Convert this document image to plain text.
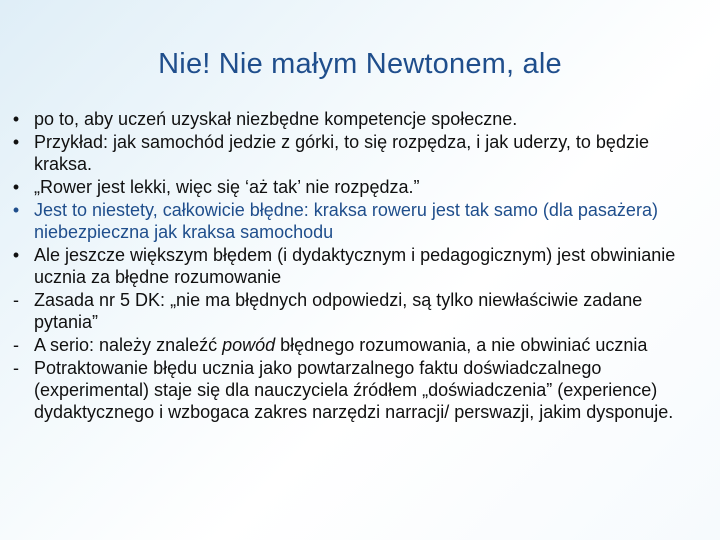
Nie! Nie małym Newtonem, ale
• po to, aby uczeń uzyskał niezbędne kompetencje społeczne.
• Przykład: jak samochód jedzie z górki, to się rozpędza, i jak uderzy, to będzie kraksa.
• „Rower jest lekki, więc się ‘aż tak’ nie rozpędza.”
• Jest to niestety, całkowicie błędne: kraksa roweru jest tak samo (dla pasażera) niebezpieczna jak kraksa samochodu
• Ale jeszcze większym błędem (i dydaktycznym i pedagogicznym) jest obwinianie ucznia za błędne rozumowanie
- Zasada nr 5 DK: „nie ma błędnych odpowiedzi, są tylko niewłaściwie zadane pytania”
- A serio: należy znaleźć powód błędnego rozumowania, a nie obwiniać ucznia
- Potraktowanie błędu ucznia jako powtarzalnego faktu doświadczalnego (experimental) staje się dla nauczyciela źródłem „doświadczenia” (experience) dydaktycznego i wzbogaca zakres narzędzi narracji/ perswazji, jakim dysponuje.
